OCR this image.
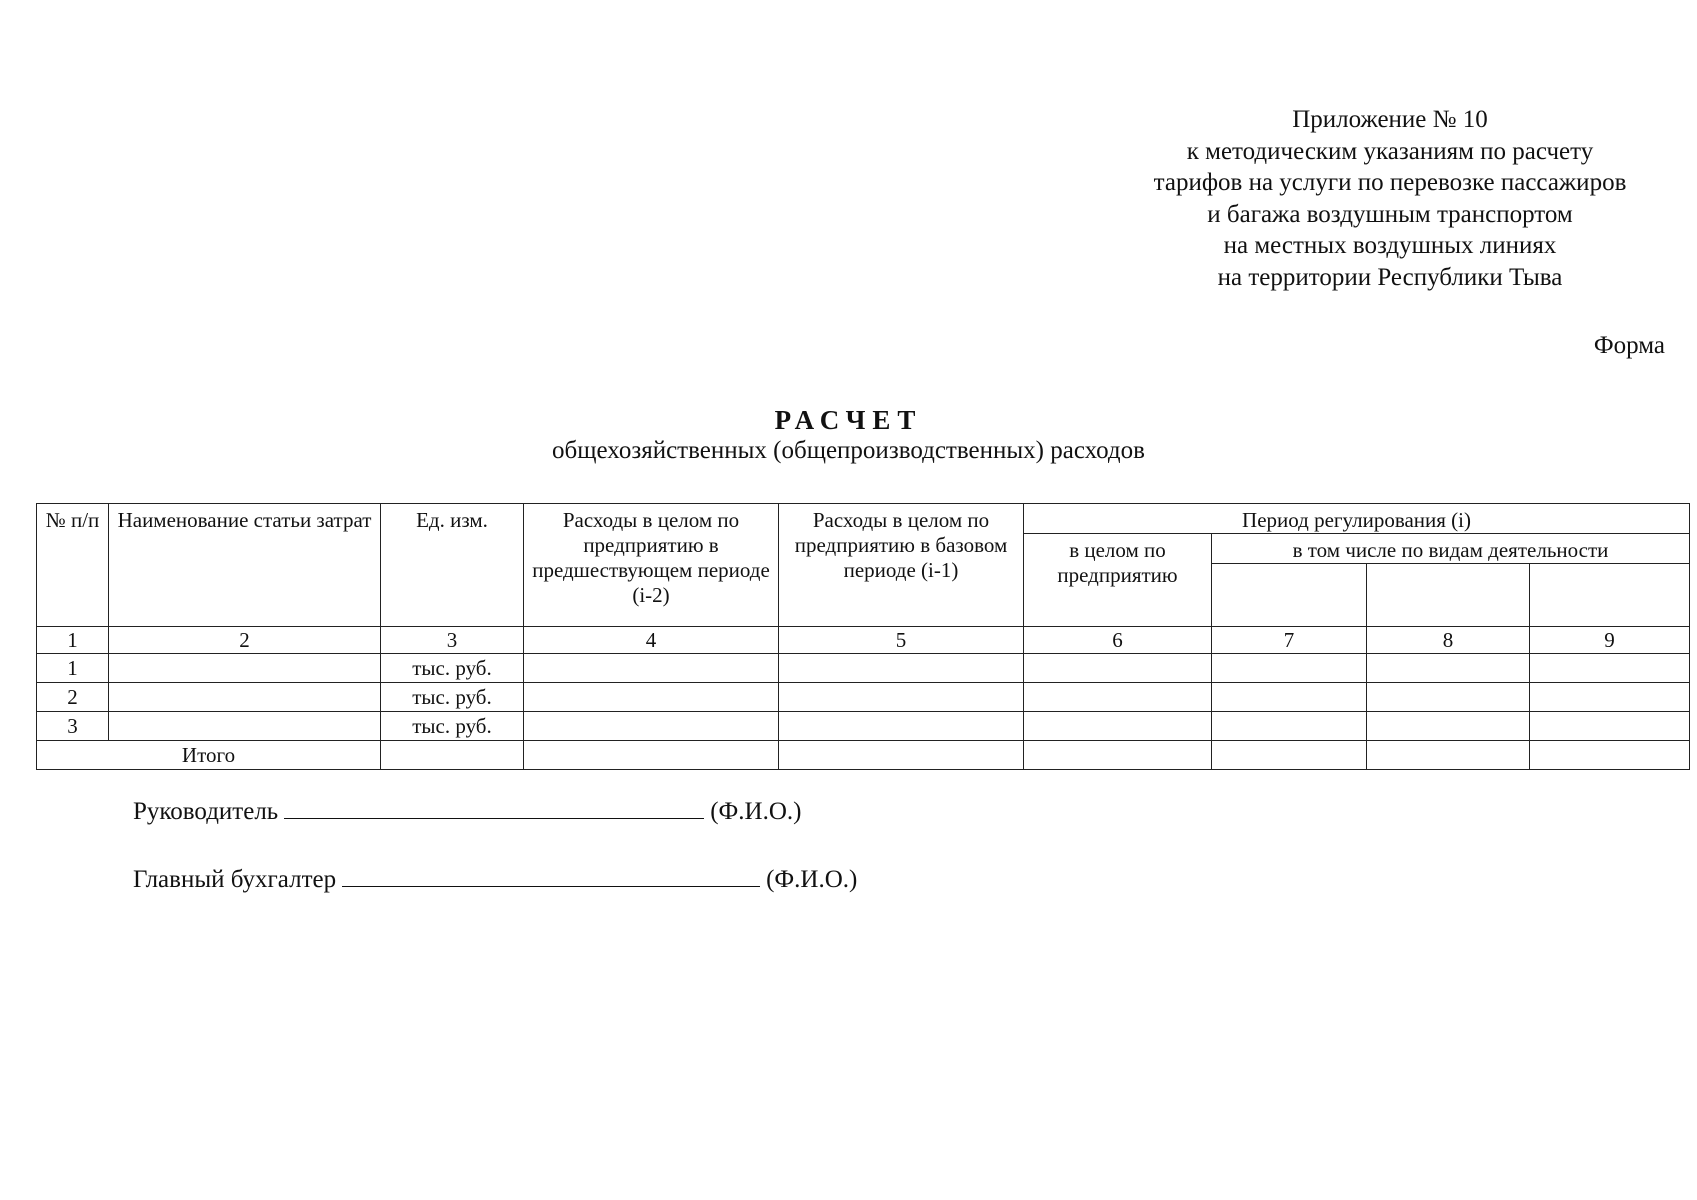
Приложение № 10
к методическим указаниям по расчету
тарифов на услуги по перевозке пассажиров
и багажа воздушным транспортом
на местных воздушных линиях
на территории Республики Тыва
Форма
РАСЧЕТ
общехозяйственных (общепроизводственных) расходов
№ п/п	Наименование статьи затрат	Ед. изм.	Расходы в целом по предприятию в предшествующем периоде (i-2)	Расходы в целом по предприятию в базовом периоде (i-1)	Период регулирования (i)			
					в целом по предприятию	в том числе по видам деятельности		

1	2	3	4	5	6	7	8	9
1		тыс. руб.						
2		тыс. руб.						
3		тыс. руб.						
Итого								
Руководитель	(Ф.И.О.)
Главный бухгалтер	(Ф.И.О.)
